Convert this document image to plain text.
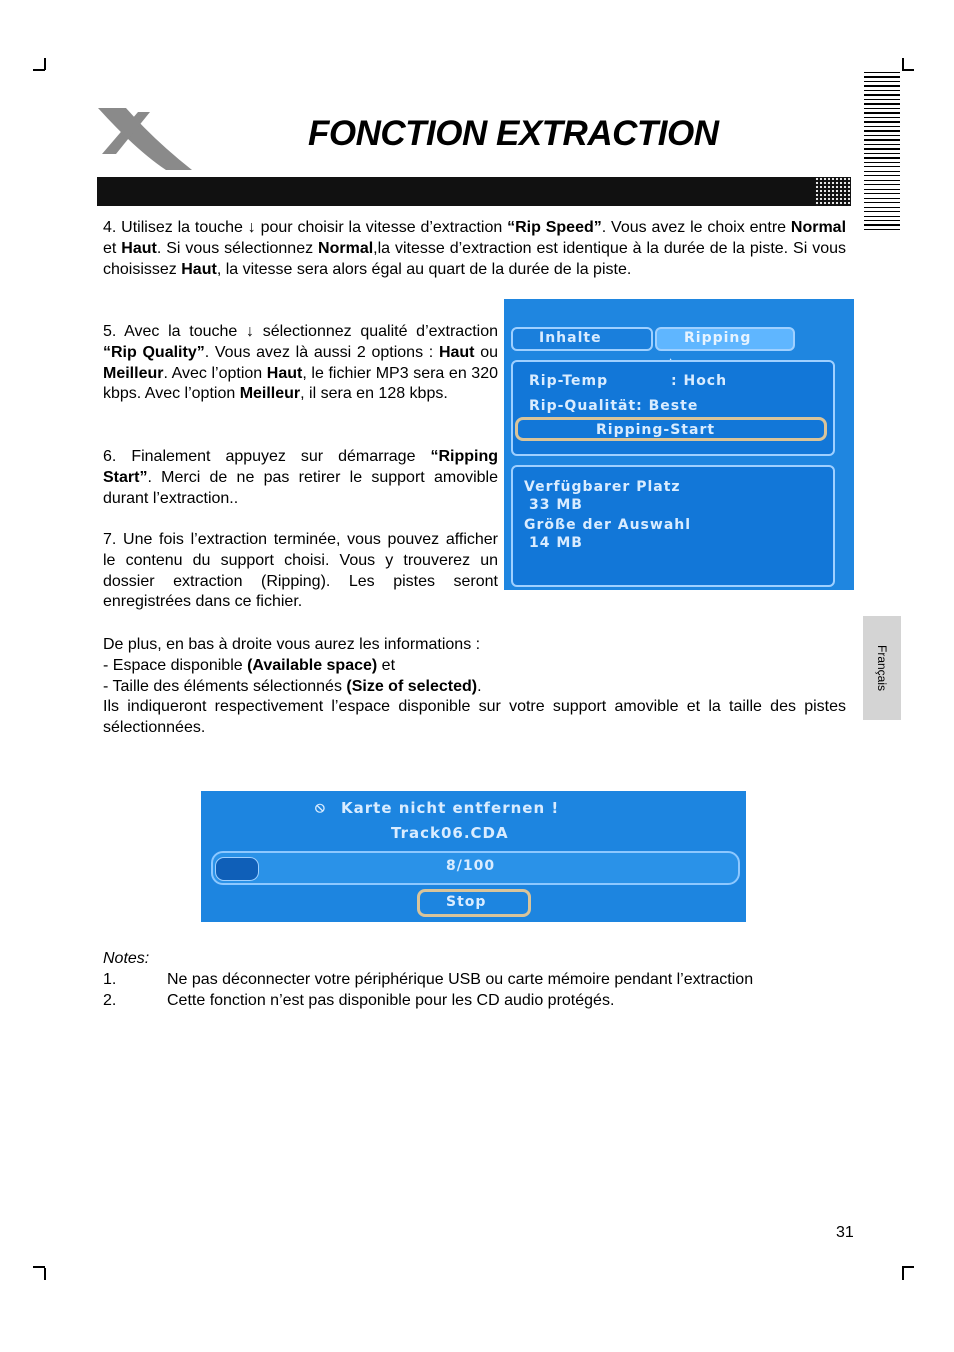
FONCTION EXTRACTION
4. Utilisez la touche ↓ pour choisir la vitesse d’extraction “Rip Speed”. Vous avez le choix entre Normal et Haut. Si vous sélectionnez Normal,la vitesse d’extraction est identique à la durée de la piste. Si vous choisissez Haut, la vitesse sera alors égal au quart de la durée de la piste.
5. Avec la touche ↓ sélectionnez qualité d’extraction “Rip Quality”. Vous avez là aussi 2 options : Haut ou Meilleur. Avec l’option Haut, le fichier MP3 sera en 320 kbps. Avec l’option Meilleur, il sera en 128 kbps.
6. Finalement appuyez sur démarrage “Ripping Start”. Merci de ne pas retirer le support amovible durant l’extraction..
7. Une fois l’extraction terminée, vous pouvez afficher le contenu du support choisi. Vous y trouverez un dossier extraction (Ripping). Les pistes seront enregistrées dans ce fichier.
De plus, en bas à droite vous aurez les informations :
- Espace disponible (Available space) et
- Taille des éléments sélectionnés (Size of selected).
Ils indiqueront respectivement l’espace disponible sur votre support amovible et la taille des pistes sélectionnées.
Inhalte	Ripping
Rip-Temp	: Hoch
Rip-Qualität: Beste
Ripping-Start
Verfügbarer Platz
33 MB
Größe der Auswahl
14 MB
Français
⦸ Karte nicht entfernen !
Track06.CDA
8/100
Stop
Notes:
1.	Ne pas déconnecter votre périphérique USB ou carte mémoire pendant l’extraction
2.	Cette fonction n’est pas disponible pour les CD audio protégés.
31
